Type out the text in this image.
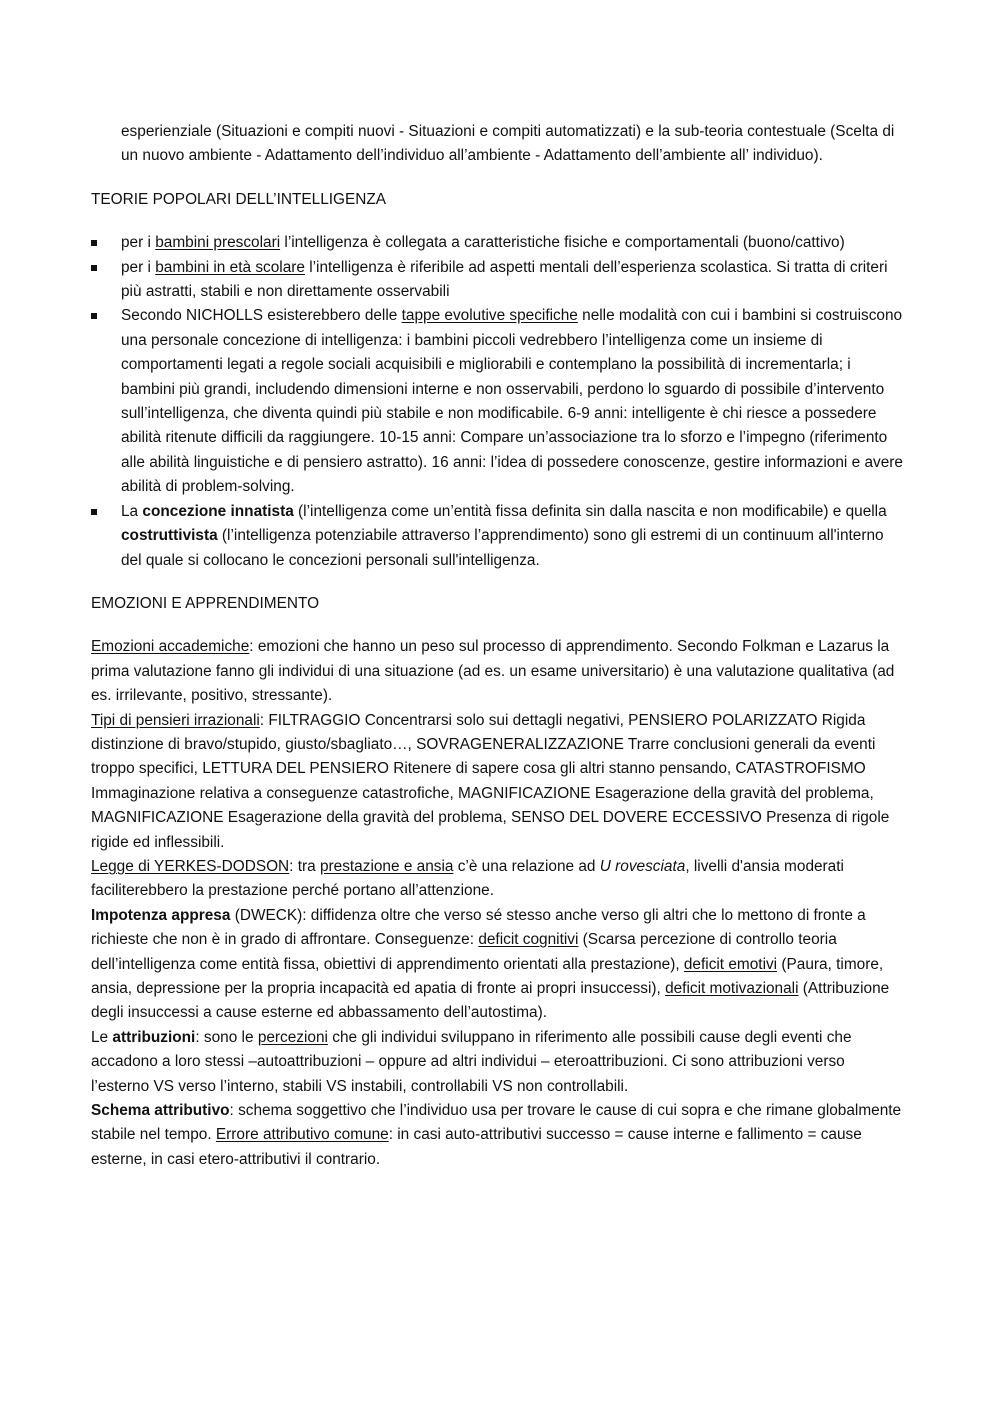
esperienziale (Situazioni e compiti nuovi - Situazioni e compiti automatizzati) e la sub-teoria contestuale (Scelta di un nuovo ambiente - Adattamento dell’individuo all’ambiente - Adattamento dell’ambiente all’ individuo).

TEORIE POPOLARI DELL’INTELLIGENZA

per i bambini prescolari l’intelligenza è collegata a caratteristiche fisiche e comportamentali (buono/cattivo)
per i bambini in età scolare l’intelligenza è riferibile ad aspetti mentali dell’esperienza scolastica. Si tratta di criteri più astratti, stabili e non direttamente osservabili
Secondo NICHOLLS esisterebbero delle tappe evolutive specifiche nelle modalità con cui i bambini si costruiscono una personale concezione di intelligenza: i bambini piccoli vedrebbero l’intelligenza come un insieme di comportamenti legati a regole sociali acquisibili e migliorabili e contemplano la possibilità di incrementarla; i bambini più grandi, includendo dimensioni interne e non osservabili, perdono lo sguardo di possibile d’intervento sull’intelligenza, che diventa quindi più stabile e non modificabile. 6-9 anni: intelligente è chi riesce a possedere abilità ritenute difficili da raggiungere. 10-15 anni: Compare un’associazione tra lo sforzo e l’impegno (riferimento alle abilità linguistiche e di pensiero astratto). 16 anni: l’idea di possedere conoscenze, gestire informazioni e avere abilità di problem-solving.
La concezione innatista (l’intelligenza come un’entità fissa definita sin dalla nascita e non modificabile) e quella costruttivista (l’intelligenza potenziabile attraverso l’apprendimento) sono gli estremi di un continuum all'interno del quale si collocano le concezioni personali sull'intelligenza.

EMOZIONI E APPRENDIMENTO

Emozioni accademiche: emozioni che hanno un peso sul processo di apprendimento. Secondo Folkman e Lazarus la prima valutazione fanno gli individui di una situazione (ad es. un esame universitario) è una valutazione qualitativa (ad es. irrilevante, positivo, stressante).

Tipi di pensieri irrazionali: FILTRAGGIO Concentrarsi solo sui dettagli negativi, PENSIERO POLARIZZATO Rigida distinzione di bravo/stupido, giusto/sbagliato…, SOVRAGENERALIZZAZIONE Trarre conclusioni generali da eventi troppo specifici, LETTURA DEL PENSIERO Ritenere di sapere cosa gli altri stanno pensando, CATASTROFISMO Immaginazione relativa a conseguenze catastrofiche, MAGNIFICAZIONE Esagerazione della gravità del problema, MAGNIFICAZIONE Esagerazione della gravità del problema, SENSO DEL DOVERE ECCESSIVO Presenza di rigole rigide ed inflessibili.

Legge di YERKES-DODSON: tra prestazione e ansia c’è una relazione ad U rovesciata, livelli d'ansia moderati faciliterebbero la prestazione perché portano all’attenzione.

Impotenza appresa (DWECK): diffidenza oltre che verso sé stesso anche verso gli altri che lo mettono di fronte a richieste che non è in grado di affrontare. Conseguenze: deficit cognitivi (Scarsa percezione di controllo teoria dell’intelligenza come entità fissa, obiettivi di apprendimento orientati alla prestazione), deficit emotivi (Paura, timore, ansia, depressione per la propria incapacità ed apatia di fronte ai propri insuccessi), deficit motivazionali (Attribuzione degli insuccessi a cause esterne ed abbassamento dell’autostima).

Le attribuzioni: sono le percezioni che gli individui sviluppano in riferimento alle possibili cause degli eventi che accadono a loro stessi –autoattribuzioni – oppure ad altri individui – eteroattribuzioni. Ci sono attribuzioni verso l’esterno VS verso l’interno, stabili VS instabili, controllabili VS non controllabili.

Schema attributivo: schema soggettivo che l’individuo usa per trovare le cause di cui sopra e che rimane globalmente stabile nel tempo. Errore attributivo comune: in casi auto-attributivi successo = cause interne e fallimento = cause esterne, in casi etero-attributivi il contrario.
